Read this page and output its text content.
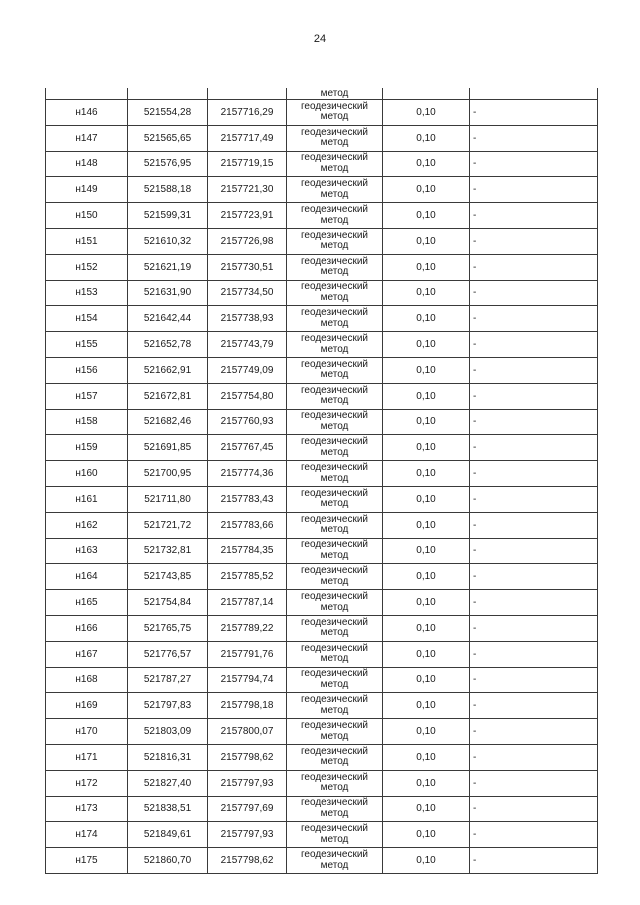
24
			метод		
н146	521554,28	2157716,29	геодезический
метод	0,10	-
н147	521565,65	2157717,49	геодезический
метод	0,10	-
н148	521576,95	2157719,15	геодезический
метод	0,10	-
н149	521588,18	2157721,30	геодезический
метод	0,10	-
н150	521599,31	2157723,91	геодезический
метод	0,10	-
н151	521610,32	2157726,98	геодезический
метод	0,10	-
н152	521621,19	2157730,51	геодезический
метод	0,10	-
н153	521631,90	2157734,50	геодезический
метод	0,10	-
н154	521642,44	2157738,93	геодезический
метод	0,10	-
н155	521652,78	2157743,79	геодезический
метод	0,10	-
н156	521662,91	2157749,09	геодезический
метод	0,10	-
н157	521672,81	2157754,80	геодезический
метод	0,10	-
н158	521682,46	2157760,93	геодезический
метод	0,10	-
н159	521691,85	2157767,45	геодезический
метод	0,10	-
н160	521700,95	2157774,36	геодезический
метод	0,10	-
н161	521711,80	2157783,43	геодезический
метод	0,10	-
н162	521721,72	2157783,66	геодезический
метод	0,10	-
н163	521732,81	2157784,35	геодезический
метод	0,10	-
н164	521743,85	2157785,52	геодезический
метод	0,10	-
н165	521754,84	2157787,14	геодезический
метод	0,10	-
н166	521765,75	2157789,22	геодезический
метод	0,10	-
н167	521776,57	2157791,76	геодезический
метод	0,10	-
н168	521787,27	2157794,74	геодезический
метод	0,10	-
н169	521797,83	2157798,18	геодезический
метод	0,10	-
н170	521803,09	2157800,07	геодезический
метод	0,10	-
н171	521816,31	2157798,62	геодезический
метод	0,10	-
н172	521827,40	2157797,93	геодезический
метод	0,10	-
н173	521838,51	2157797,69	геодезический
метод	0,10	-
н174	521849,61	2157797,93	геодезический
метод	0,10	-
н175	521860,70	2157798,62	геодезический
метод	0,10	-
